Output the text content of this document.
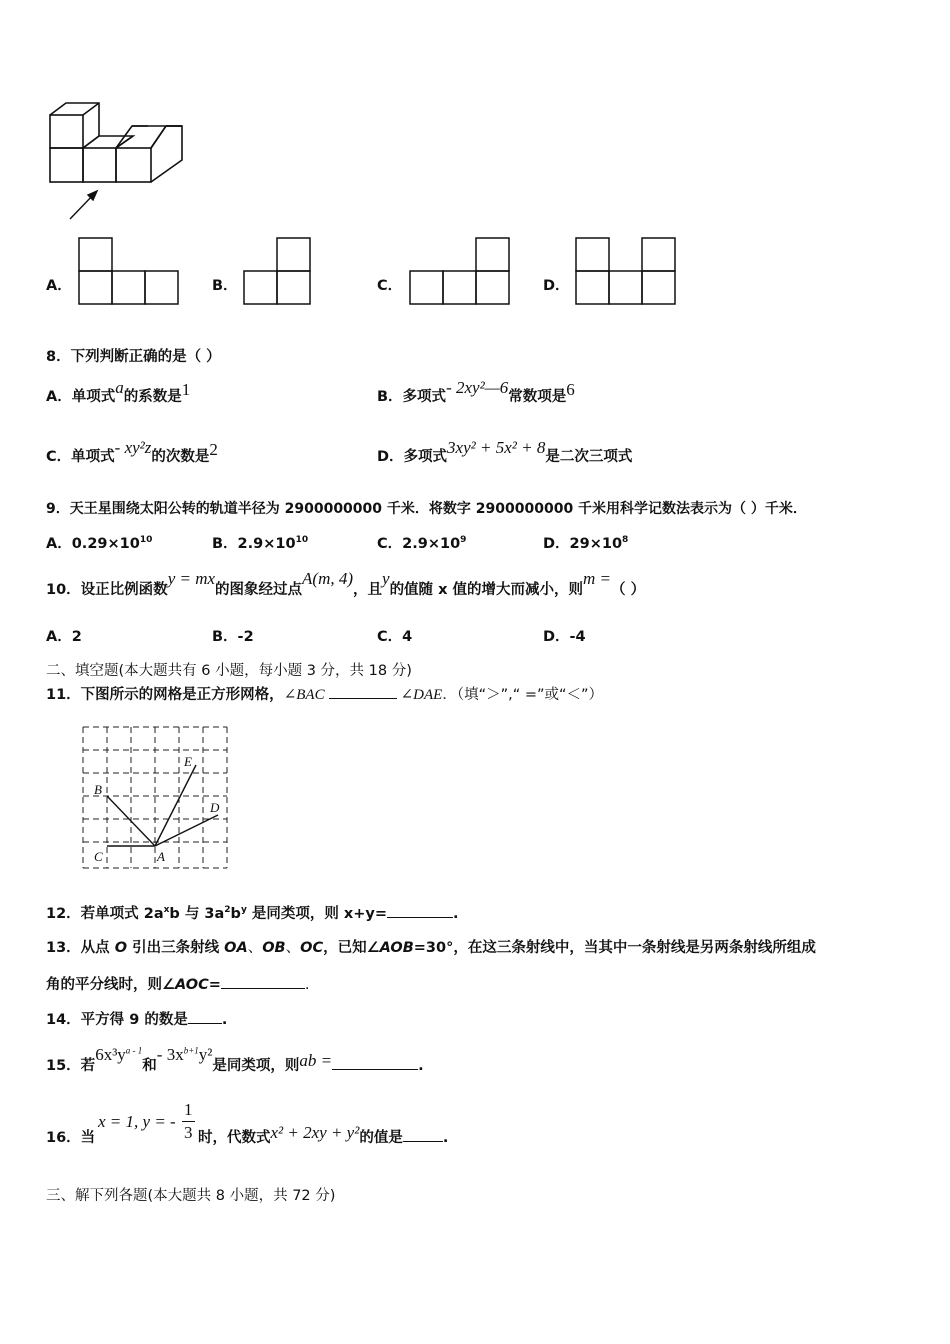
A．	B．	C．	D．
8．下列判断正确的是（ ）
A．单项式a的系数是1	B．多项式- 2xy²—6常数项是6
C．单项式- xy²z的次数是2	D．多项式3xy² + 5x² + 8是二次三项式
9．天王星围绕太阳公转的轨道半径为 2900000000 千米．将数字 2900000000 千米用科学记数法表示为（ ）千米．
A．$0.29\times 10^{10}$	B．$2.9\times 10^{10}$	C．$2.9\times 10^9$	D．$29\times 10^8$
10．设正比例函数y = mx的图象经过点A(m, 4)，且y的值随 x 值的增大而减小，则m =（ ）
A．2	B．-2	C．4	D．-4
二、填空题(本大题共有 6 小题，每小题 3 分，共 18 分)
11．下图所示的网格是正方形网格，∠BAC	∠DAE．（填“＞”,“ =”或“＜”）
B
C	A
E
D
12．若单项式 $2a^xb$ 与 $3a^2b^y$ 是同类项，则 x+y=	.
13．从点 O 引出三条射线 OA、OB、OC，已知∠AOB=30°，在这三条射线中，当其中一条射线是另两条射线所组成
角的平分线时，则∠AOC=	.
14．平方得 9 的数是 .
15．若$6x^3y^{a - 1}$和- $3x^{b+1}y^2$是同类项，则ab =	.
16．当
x = 1, y = -
1
3 时，代数式x² + 2xy + y²的值是	.
三、解下列各题(本大题共 8 小题，共 72 分)
